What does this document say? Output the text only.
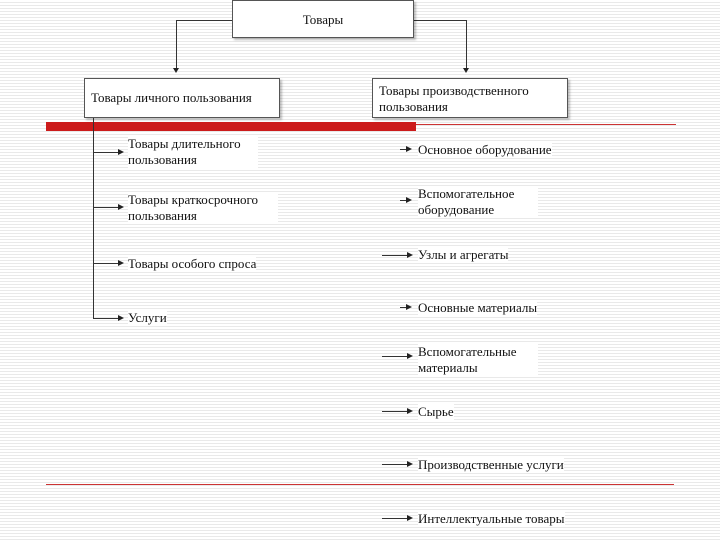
Товары
Товары личного пользования	Товары производственного пользования
Товары длительного пользования
Товары краткосрочного пользования
Товары особого спроса
Услуги
Основное оборудование
Вспомогательное оборудование
Узлы и агрегаты
Основные материалы
Вспомогательные материалы
Сырье
Производственные услуги
Интеллектуальные товары
